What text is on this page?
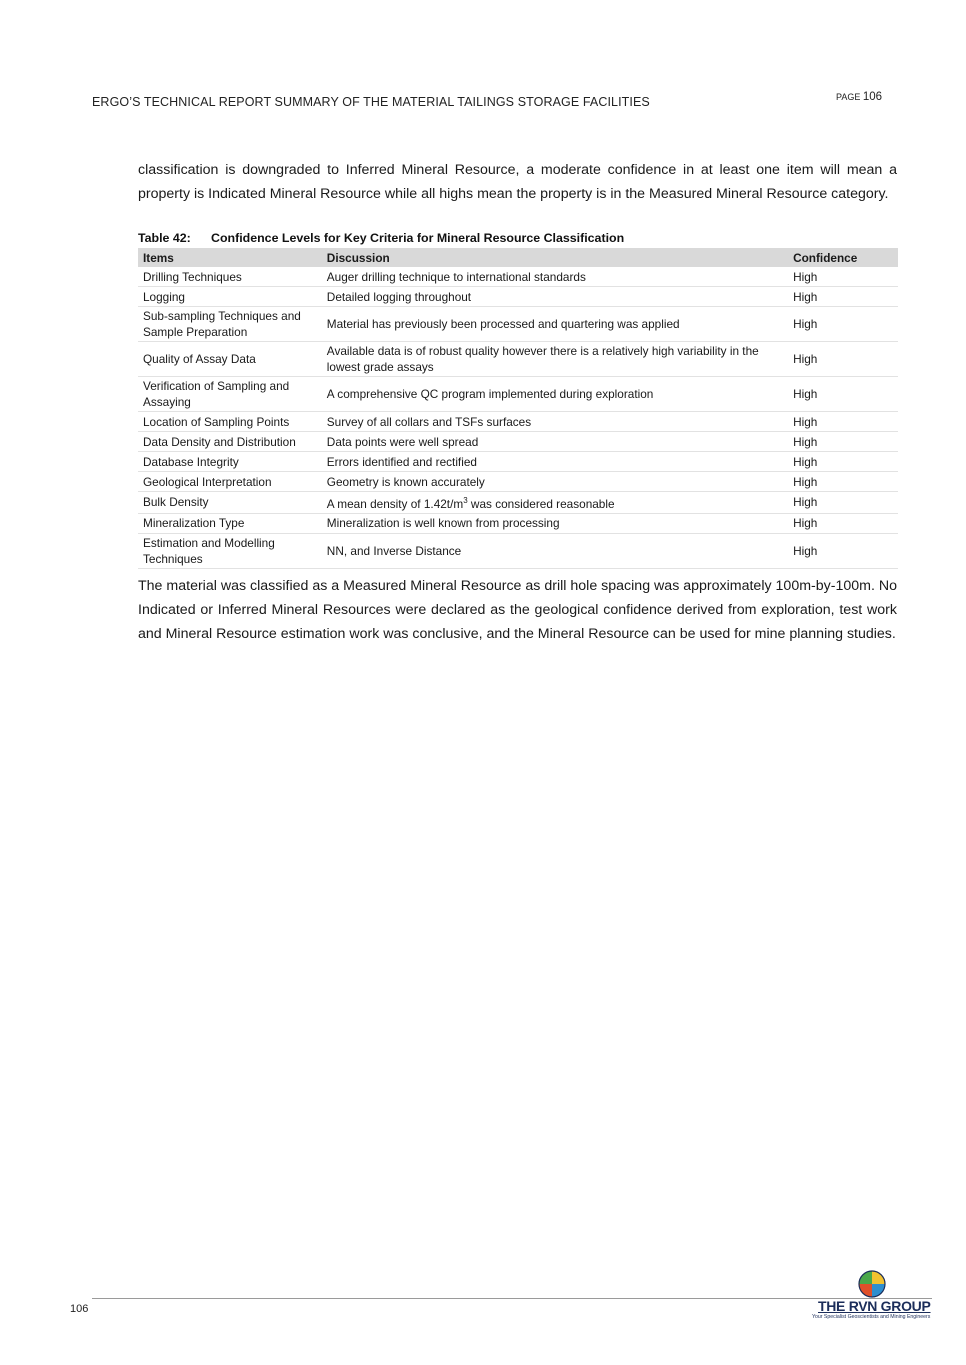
ERGO’S TECHNICAL REPORT SUMMARY OF THE MATERIAL TAILINGS STORAGE FACILITIES	PAGE 106

classification is downgraded to Inferred Mineral Resource, a moderate confidence in at least one item will mean a property is Indicated Mineral Resource while all highs mean the property is in the Measured Mineral Resource category.

Table 42: Confidence Levels for Key Criteria for Mineral Resource Classification
Items	Discussion	Confidence
Drilling Techniques	Auger drilling technique to international standards	High
Logging	Detailed logging throughout	High
Sub-sampling Techniques and Sample Preparation	Material has previously been processed and quartering was applied	High
Quality of Assay Data	Available data is of robust quality however there is a relatively high variability in the lowest grade assays	High
Verification of Sampling and Assaying	A comprehensive QC program implemented during exploration	High
Location of Sampling Points	Survey of all collars and TSFs surfaces	High
Data Density and Distribution	Data points were well spread	High
Database Integrity	Errors identified and rectified	High
Geological Interpretation	Geometry is known accurately	High
Bulk Density	A mean density of $1.42t/m^3$ was considered reasonable	High
Mineralization Type	Mineralization is well known from processing	High
Estimation and Modelling Techniques	NN, and Inverse Distance	High

The material was classified as a Measured Mineral Resource as drill hole spacing was approximately 100m-by-100m. No Indicated or Inferred Mineral Resources were declared as the geological confidence derived from exploration, test work and Mineral Resource estimation work was conclusive, and the Mineral Resource can be used for mine planning studies.

106	THE RVN GROUP
Your Specialist Geoscientists and Mining Engineers
